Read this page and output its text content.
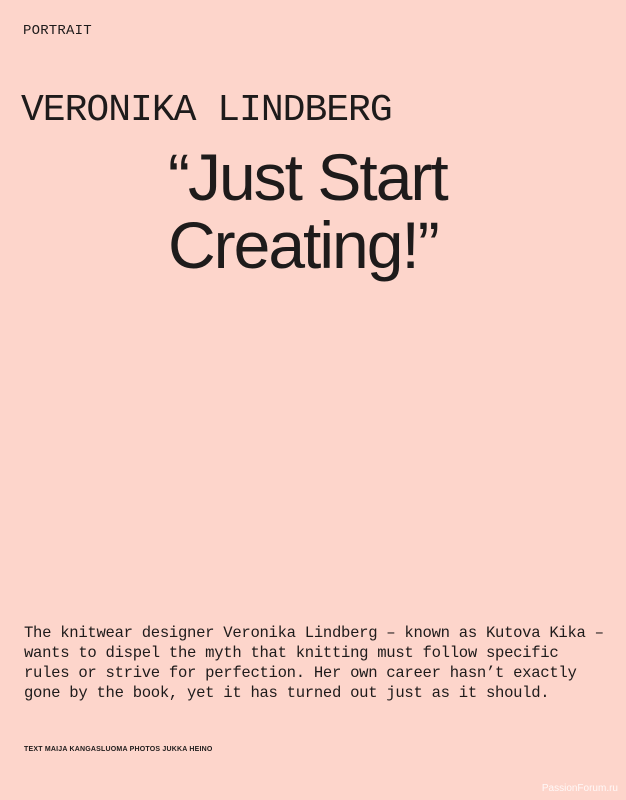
PORTRAIT
VERONIKA LINDBERG
“Just Start
Creating!”

The knitwear designer Veronika Lindberg – known as Kutova Kika – wants to dispel the myth that knitting must follow specific rules or strive for perfection. Her own career hasn’t exactly gone by the book, yet it has turned out just as it should.

TEXT MAIJA KANGASLUOMA PHOTOS JUKKA HEINO

PassionForum.ru
